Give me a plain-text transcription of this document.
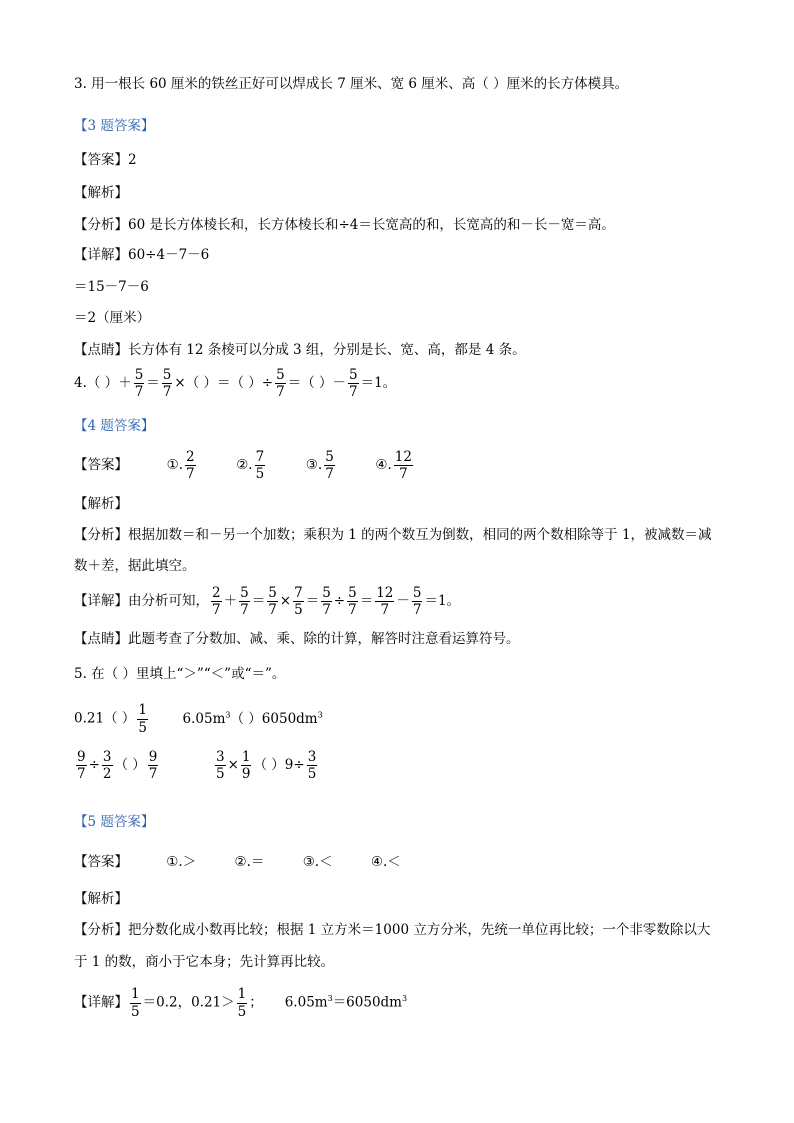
3. 用一根长 60 厘米的铁丝正好可以焊成长 7 厘米、宽 6 厘米、高（ ）厘米的长方体模具。
【3 题答案】
【答案】2
【解析】
【分析】60 是长方体棱长和，长方体棱长和÷4＝长宽高的和，长宽高的和－长－宽＝高。
【详解】60÷4－7－6
＝15－7－6
＝2（厘米）
【点睛】长方体有 12 条棱可以分成 3 组，分别是长、宽、高，都是 4 条。
4.（ ）＋ $\frac{5}{7} = \frac{5}{7}$ ×（ ）＝（ ）÷ $\frac{5}{7}$ ＝（ ）－ $\frac{5}{7} =1$。
【4 题答案】
【答案】	①. $\frac{2}{7}$	②. $\frac{7}{5}$	③. $\frac{5}{7}$	④. $\frac{12}{7}$
【解析】
【分析】根据加数＝和－另一个加数；乘积为 1 的两个数互为倒数，相同的两个数相除等于 1，被减数＝减
数＋差，据此填空。
【详解】由分析可知， $\frac{2}{7} + \frac{5}{7} = \frac{5}{7} \times \frac{7}{5} = \frac{5}{7} \div \frac{5}{7} = \frac{12}{7} - \frac{5}{7} =1$。
【点睛】此题考查了分数加、减、乘、除的计算，解答时注意看运算符号。
5. 在（ ）里填上“＞”“＜”或“＝”。
0.21（ ） $\frac{1}{5}$	$6.05m^3$（ ）$6050dm^3$
$\frac{9}{7} \div \frac{3}{2}$ （ ） $\frac{9}{7}$
	$\frac{3}{5} \times \frac{1}{9}$ （ ）$9\div \frac{3}{5}$
【5 题答案】
【答案】	①.＞	②.＝	③.＜	④.＜
【解析】
【分析】把分数化成小数再比较；根据 1 立方米＝1000 立方分米，先统一单位再比较；一个非零数除以大
于 1 的数，商小于它本身；先计算再比较。
【详解】 $\frac{1}{5} =0.2$，$0.21> \frac{1}{5}$ ； $6.05m^3=6050dm^3$
